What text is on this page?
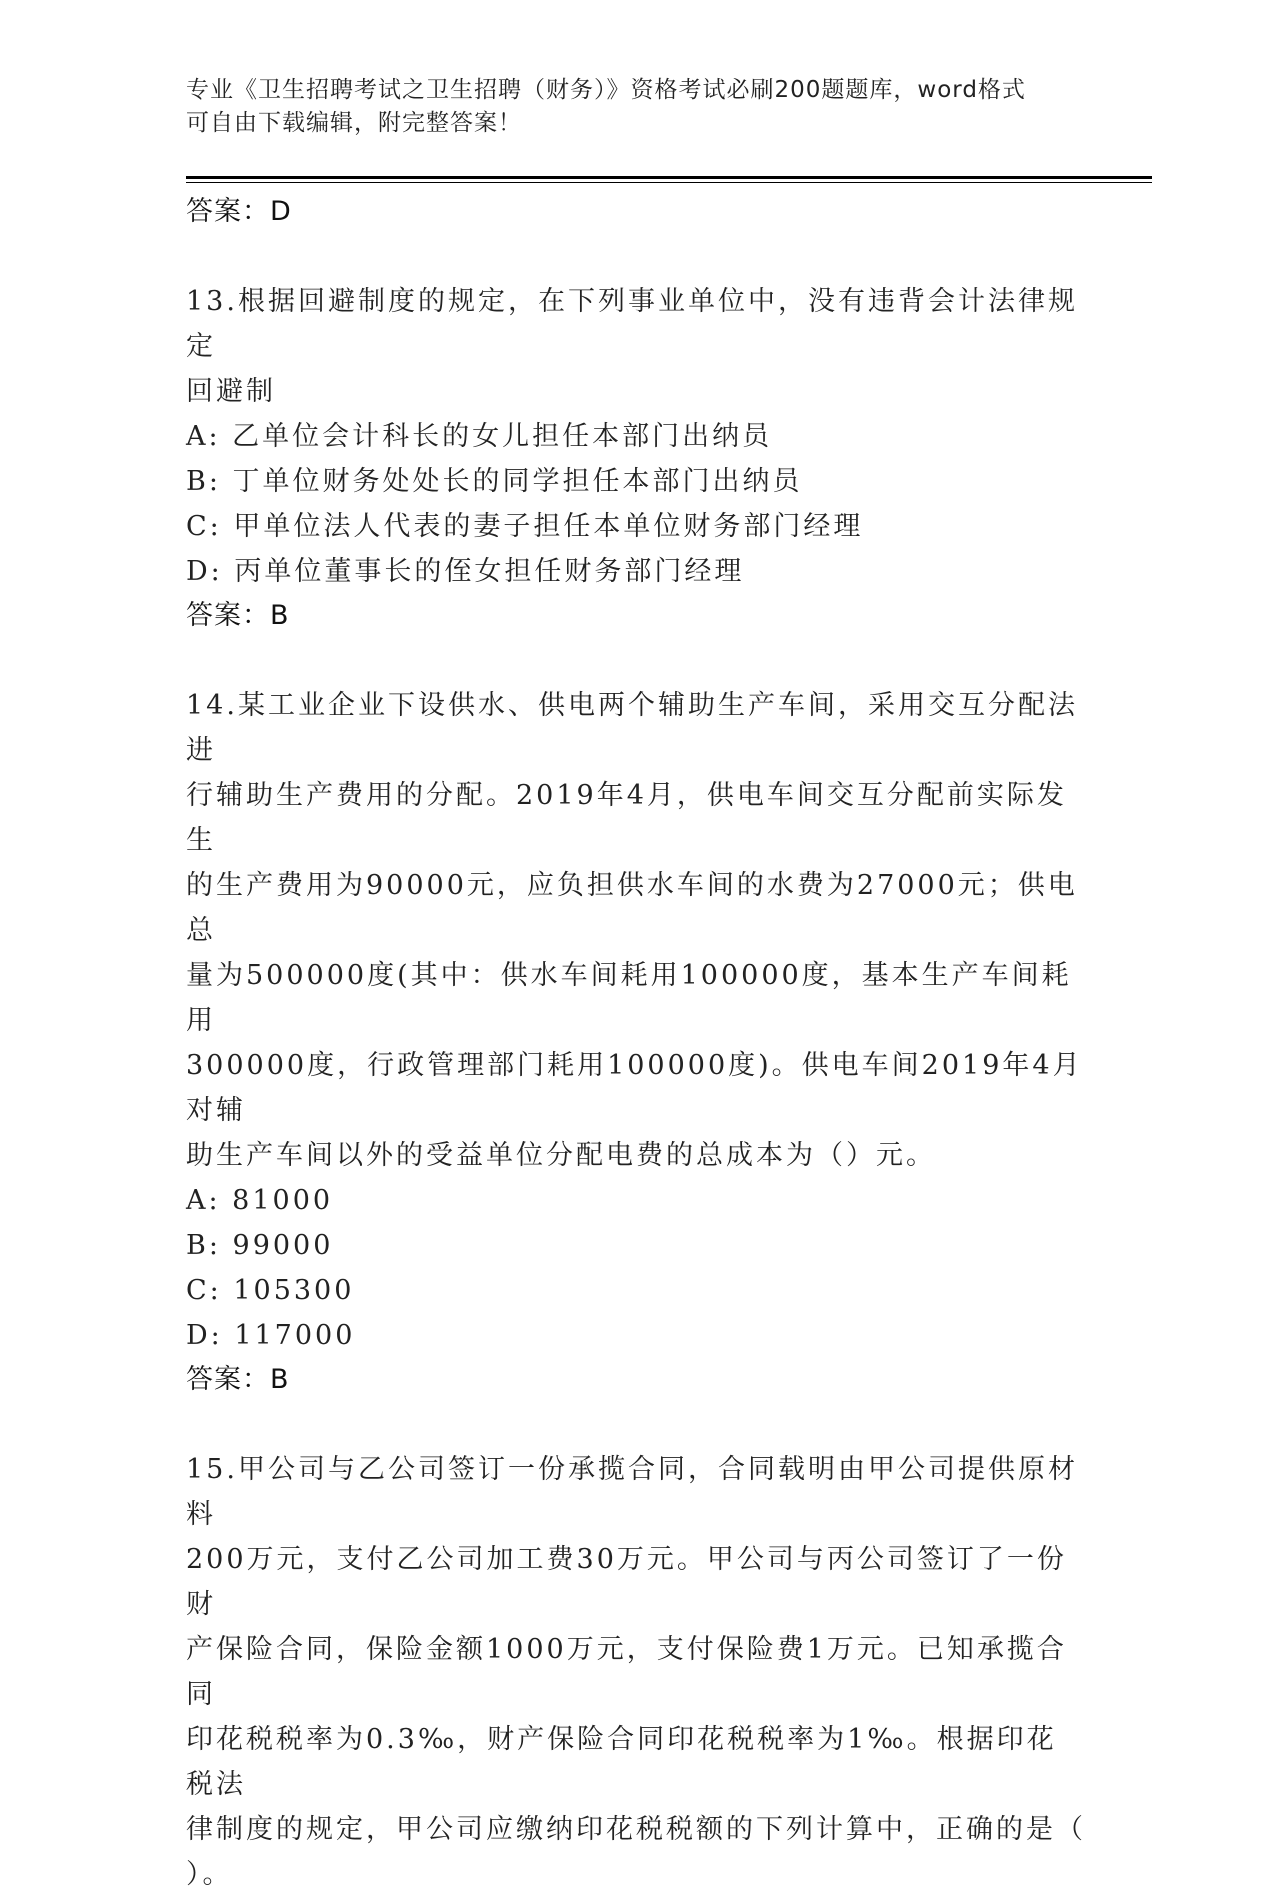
专业《卫生招聘考试之卫生招聘（财务）》资格考试必刷200题题库，word格式
可自由下载编辑，附完整答案！
答案：D
13.根据回避制度的规定，在下列事业单位中，没有违背会计法律规定
回避制
A: 乙单位会计科长的女儿担任本部门出纳员
B: 丁单位财务处处长的同学担任本部门出纳员
C: 甲单位法人代表的妻子担任本单位财务部门经理
D: 丙单位董事长的侄女担任财务部门经理
答案：B
14.某工业企业下设供水、供电两个辅助生产车间，采用交互分配法进
行辅助生产费用的分配。2019年4月，供电车间交互分配前实际发生
的生产费用为90000元，应负担供水车间的水费为27000元；供电总
量为500000度(其中：供水车间耗用100000度，基本生产车间耗用
300000度，行政管理部门耗用100000度)。供电车间2019年4月对辅
助生产车间以外的受益单位分配电费的总成本为（）元。
A: 81000
B: 99000
C: 105300
D: 117000
答案：B
15.甲公司与乙公司签订一份承揽合同，合同载明由甲公司提供原材料
200万元，支付乙公司加工费30万元。甲公司与丙公司签订了一份财
产保险合同，保险金额1000万元，支付保险费1万元。已知承揽合同
印花税税率为0.3‰，财产保险合同印花税税率为1‰。根据印花税法
律制度的规定，甲公司应缴纳印花税税额的下列计算中，正确的是（
）。
